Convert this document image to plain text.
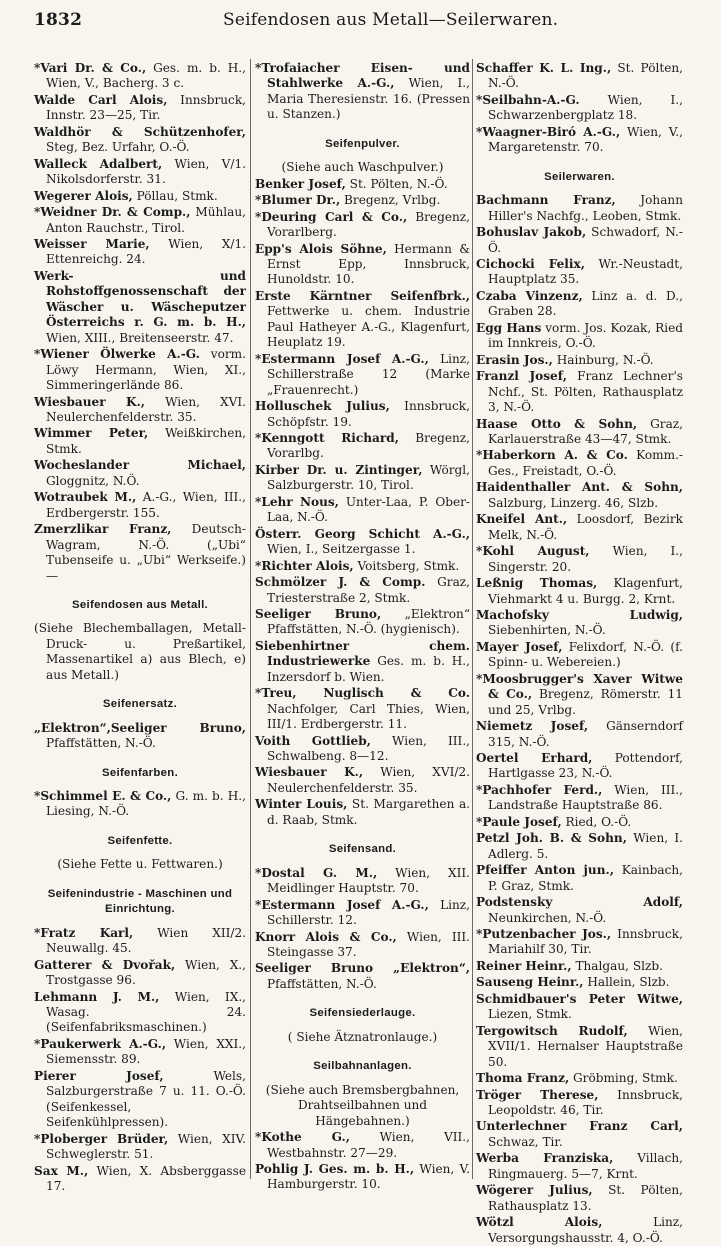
1832	Seifendosen aus Metall—Seilerwaren.
*Vari Dr. & Co., Ges. m. b. H., Wien, V., Bacherg. 3 c.
Walde Carl Alois, Innsbruck, Innstr. 23—25, Tir.
Waldhör & Schützenhofer, Steg, Bez. Urfahr, O.-Ö.
Walleck Adalbert, Wien, V/1. Nikolsdorferstr. 31.
Wegerer Alois, Pöllau, Stmk.
*Weidner Dr. & Comp., Mühlau, Anton Rauchstr., Tirol.
Weisser Marie, Wien, X/1. Ettenreichg. 24.
Werk- und Rohstoffgenossenschaft der Wäscher u. Wäscheputzer Österreichs r. G. m. b. H., Wien, XIII., Breitenseerstr. 47.
*Wiener Ölwerke A.-G. vorm. Löwy Hermann, Wien, XI., Simmeringerlände 86.
Wiesbauer K., Wien, XVI. Neulerchenfelderstr. 35.
Wimmer Peter, Weißkirchen, Stmk.
Wocheslander Michael, Gloggnitz, N.Ö.
Wotraubek M., A.-G., Wien, III., Erdbergerstr. 155.
Zmerzlikar Franz, Deutsch-Wagram, N.-Ö. („Ubi“ Tubenseife u. „Ubi“ Werkseife.) —
Seifendosen aus Metall.
(Siehe Blechemballagen, Metall-Druck- u. Preßartikel, Massenartikel a) aus Blech, e) aus Metall.)
Seifenersatz.
„Elektron“,Seeliger Bruno, Pfaffstätten, N.-Ö.
Seifenfarben.
*Schimmel E. & Co., G. m. b. H., Liesing, N.-Ö.
Seifenfette.
(Siehe Fette u. Fettwaren.)
Seifenindustrie - Maschinen und Einrichtung.
*Fratz Karl, Wien XII/2. Neuwallg. 45.
Gatterer & Dvořak, Wien, X., Trostgasse 96.
Lehmann J. M., Wien, IX., Wasag. 24. (Seifenfabriksmaschinen.)
*Paukerwerk A.-G., Wien, XXI., Siemensstr. 89.
Pierer Josef, Wels, Salzburgerstraße 7 u. 11. O.-Ö. (Seifenkessel, Seifenkühlpressen).
*Ploberger Brüder, Wien, XIV. Schweglerstr. 51.
Sax M., Wien, X. Absberggasse 17.
*Trofaiacher Eisen- und Stahlwerke A.-G., Wien, I., Maria Theresienstr. 16. (Pressen u. Stanzen.)
Seifenpulver.
(Siehe auch Waschpulver.)
Benker Josef, St. Pölten, N.-Ö.
*Blumer Dr., Bregenz, Vrlbg.
*Deuring Carl & Co., Bregenz, Vorarlberg.
Epp's Alois Söhne, Hermann & Ernst Epp, Innsbruck, Hunoldstr. 10.
Erste Kärntner Seifenfbrk., Fettwerke u. chem. Industrie Paul Hatheyer A.-G., Klagenfurt, Heuplatz 19.
*Estermann Josef A.-G., Linz, Schillerstraße 12 (Marke „Frauenrecht.)
Holluschek Julius, Innsbruck, Schöpfstr. 19.
*Kenngott Richard, Bregenz, Vorarlbg.
Kirber Dr. u. Zintinger, Wörgl, Salzburgerstr. 10, Tirol.
*Lehr Nous, Unter-Laa, P. Ober-Laa, N.-Ö.
Österr. Georg Schicht A.-G., Wien, I., Seitzergasse 1.
*Richter Alois, Voitsberg, Stmk.
Schmölzer J. & Comp. Graz, Triesterstraße 2, Stmk.
Seeliger Bruno, „Elektron“ Pfaffstätten, N.-Ö. (hygienisch).
Siebenhirtner chem. Industriewerke Ges. m. b. H., Inzersdorf b. Wien.
*Treu, Nuglisch & Co. Nachfolger, Carl Thies, Wien, III/1. Erdbergerstr. 11.
Voith Gottlieb, Wien, III., Schwalbeng. 8—12.
Wiesbauer K., Wien, XVI/2. Neulerchenfelderstr. 35.
Winter Louis, St. Margarethen a. d. Raab, Stmk.
Seifensand.
*Dostal G. M., Wien, XII. Meidlinger Hauptstr. 70.
*Estermann Josef A.-G., Linz, Schillerstr. 12.
Knorr Alois & Co., Wien, III. Steingasse 37.
Seeliger Bruno „Elektron“, Pfaffstätten, N.-Ö.
Seifensiederlauge.
( Siehe Ätznatronlauge.)
Seilbahnanlagen.
(Siehe auch Bremsbergbahnen, Drahtseilbahnen und Hängebahnen.)
*Kothe G., Wien, VII., Westbahnstr. 27—29.
Pohlig J. Ges. m. b. H., Wien, V. Hamburgerstr. 10.
Schaffer K. L. Ing., St. Pölten, N.-Ö.
*Seilbahn-A.-G. Wien, I., Schwarzenbergplatz 18.
*Waagner-Biró A.-G., Wien, V., Margaretenstr. 70.
Seilerwaren.
Bachmann Franz, Johann Hiller's Nachfg., Leoben, Stmk.
Bohuslav Jakob, Schwadorf, N.-Ö.
Cichocki Felix, Wr.-Neustadt, Hauptplatz 35.
Czaba Vinzenz, Linz a. d. D., Graben 28.
Egg Hans vorm. Jos. Kozak, Ried im Innkreis, O.-Ö.
Erasin Jos., Hainburg, N.-Ö.
Franzl Josef, Franz Lechner's Nchf., St. Pölten, Rathausplatz 3, N.-Ö.
Haase Otto & Sohn, Graz, Karlauerstraße 43—47, Stmk.
*Haberkorn A. & Co. Komm.-Ges., Freistadt, O.-Ö.
Haidenthaller Ant. & Sohn, Salzburg, Linzerg. 46, Slzb.
Kneifel Ant., Loosdorf, Bezirk Melk, N.-Ö.
*Kohl August, Wien, I., Singerstr. 20.
Leßnig Thomas, Klagenfurt, Viehmarkt 4 u. Burgg. 2, Krnt.
Machofsky Ludwig, Siebenhirten, N.-Ö.
Mayer Josef, Felixdorf, N.-Ö. (f. Spinn- u. Webereien.)
*Moosbrugger's Xaver Witwe & Co., Bregenz, Römerstr. 11 und 25, Vrlbg.
Niemetz Josef, Gänserndorf 315, N.-Ö.
Oertel Erhard, Pottendorf, Hartlgasse 23, N.-Ö.
*Pachhofer Ferd., Wien, III., Landstraße Hauptstraße 86.
*Paule Josef, Ried, O.-Ö.
Petzl Joh. B. & Sohn, Wien, I. Adlerg. 5.
Pfeiffer Anton jun., Kainbach, P. Graz, Stmk.
Podstensky Adolf, Neunkirchen, N.-Ö.
*Putzenbacher Jos., Innsbruck, Mariahilf 30, Tir.
Reiner Heinr., Thalgau, Slzb.
Sauseng Heinr., Hallein, Slzb.
Schmidbauer's Peter Witwe, Liezen, Stmk.
Tergowitsch Rudolf, Wien, XVII/1. Hernalser Hauptstraße 50.
Thoma Franz, Gröbming, Stmk.
Tröger Therese, Innsbruck, Leopoldstr. 46, Tir.
Unterlechner Franz Carl, Schwaz, Tir.
Werba Franziska, Villach, Ringmauerg. 5—7, Krnt.
Wögerer Julius, St. Pölten, Rathausplatz 13.
Wötzl Alois, Linz, Versorgungshausstr. 4, O.-Ö.
